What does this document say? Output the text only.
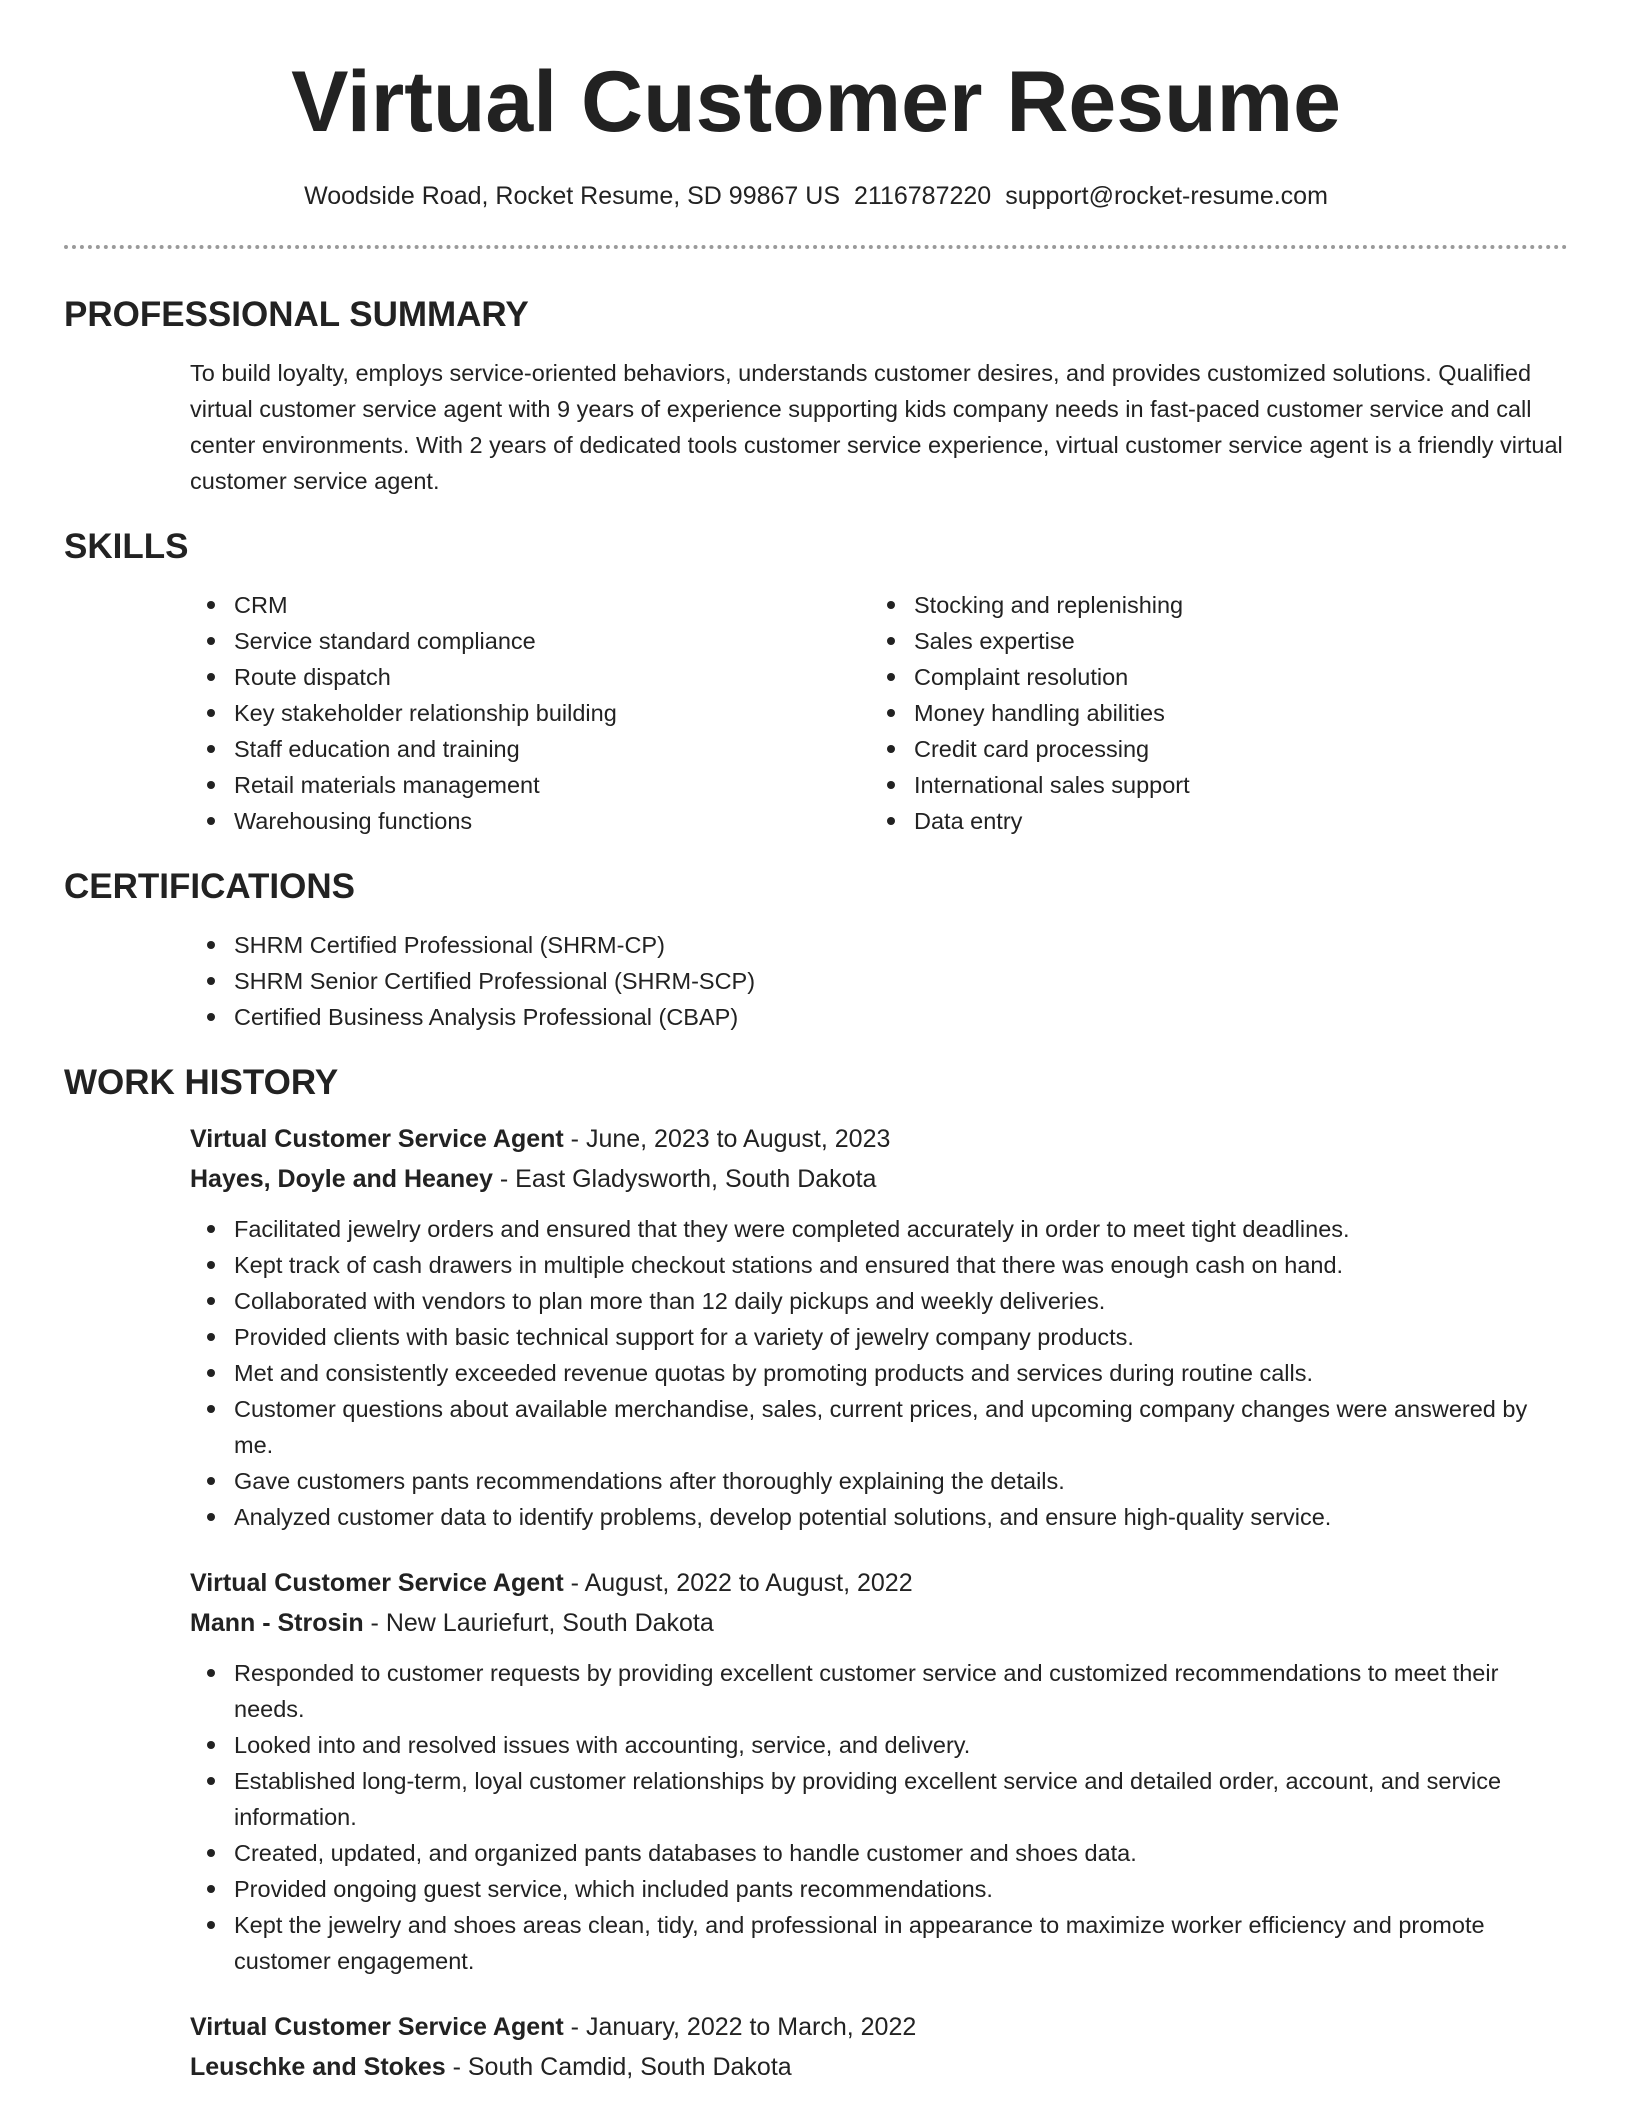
Virtual Customer Resume
Woodside Road, Rocket Resume, SD 99867 US 2116787220 support@rocket-resume.com
PROFESSIONAL SUMMARY

To build loyalty, employs service-oriented behaviors, understands customer desires, and provides customized solutions. Qualified virtual customer service agent with 9 years of experience supporting kids company needs in fast-paced customer service and call center environments. With 2 years of dedicated tools customer service experience, virtual customer service agent is a friendly virtual customer service agent.

SKILLS
CRM
Service standard compliance
Route dispatch
Key stakeholder relationship building
Staff education and training
Retail materials management
Warehousing functions
Stocking and replenishing
Sales expertise
Complaint resolution
Money handling abilities
Credit card processing
International sales support
Data entry
CERTIFICATIONS
SHRM Certified Professional (SHRM-CP)
SHRM Senior Certified Professional (SHRM-SCP)
Certified Business Analysis Professional (CBAP)
WORK HISTORY

Virtual Customer Service Agent - June, 2023 to August, 2023

Hayes, Doyle and Heaney - East Gladysworth, South Dakota

Facilitated jewelry orders and ensured that they were completed accurately in order to meet tight deadlines.
Kept track of cash drawers in multiple checkout stations and ensured that there was enough cash on hand.
Collaborated with vendors to plan more than 12 daily pickups and weekly deliveries.
Provided clients with basic technical support for a variety of jewelry company products.
Met and consistently exceeded revenue quotas by promoting products and services during routine calls.
Customer questions about available merchandise, sales, current prices, and upcoming company changes were answered by me.
Gave customers pants recommendations after thoroughly explaining the details.
Analyzed customer data to identify problems, develop potential solutions, and ensure high-quality service.

Virtual Customer Service Agent - August, 2022 to August, 2022

Mann - Strosin - New Lauriefurt, South Dakota

Responded to customer requests by providing excellent customer service and customized recommendations to meet their needs.
Looked into and resolved issues with accounting, service, and delivery.
Established long-term, loyal customer relationships by providing excellent service and detailed order, account, and service information.
Created, updated, and organized pants databases to handle customer and shoes data.
Provided ongoing guest service, which included pants recommendations.
Kept the jewelry and shoes areas clean, tidy, and professional in appearance to maximize worker efficiency and promote customer engagement.

Virtual Customer Service Agent - January, 2022 to March, 2022

Leuschke and Stokes - South Camdid, South Dakota
